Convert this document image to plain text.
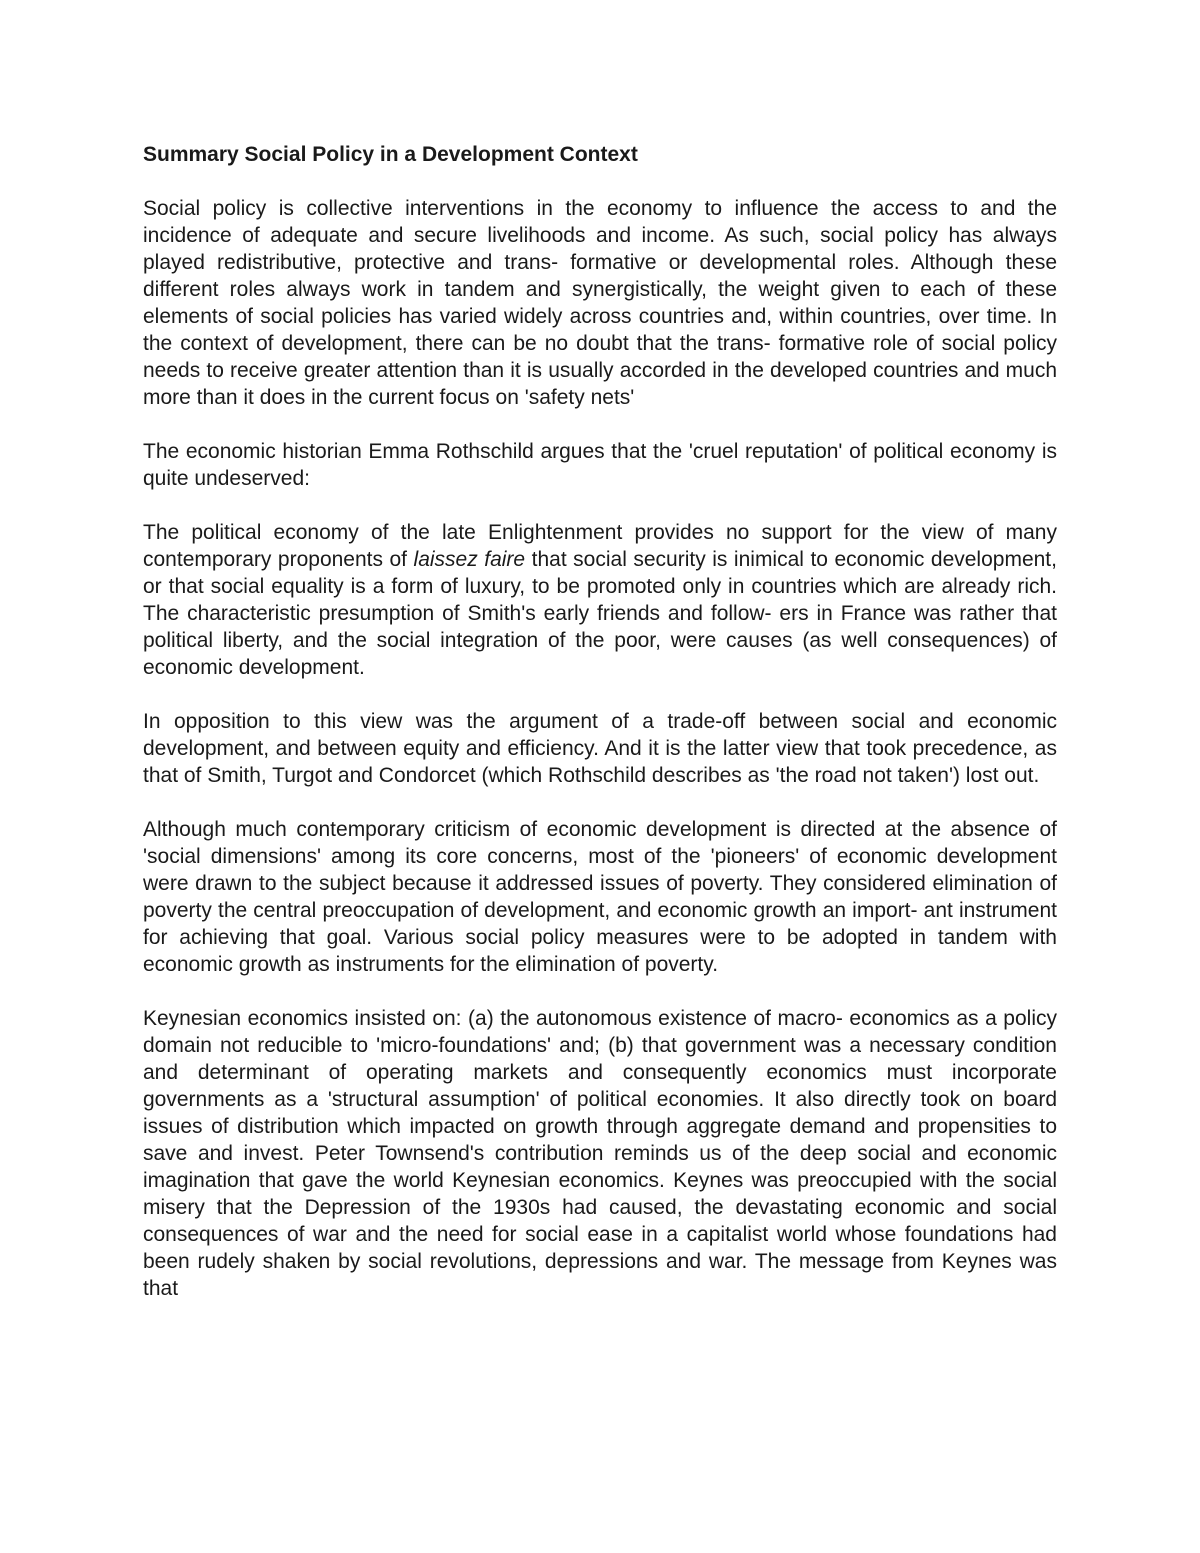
Summary Social Policy in a Development Context

Social policy is collective interventions in the economy to influence the access to and the incidence of adequate and secure livelihoods and income. As such, social policy has always played redistributive, protective and trans- formative or developmental roles. Although these different roles always work in tandem and synergistically, the weight given to each of these elements of social policies has varied widely across countries and, within countries, over time. In the context of development, there can be no doubt that the trans- formative role of social policy needs to receive greater attention than it is usually accorded in the developed countries and much more than it does in the current focus on 'safety nets'

The economic historian Emma Rothschild argues that the 'cruel reputation' of political economy is quite undeserved:

The political economy of the late Enlightenment provides no support for the view of many contemporary proponents of laissez faire that social security is inimical to economic development, or that social equality is a form of luxury, to be promoted only in countries which are already rich. The characteristic presumption of Smith's early friends and follow- ers in France was rather that political liberty, and the social integration of the poor, were causes (as well consequences) of economic development.

In opposition to this view was the argument of a trade-off between social and economic development, and between equity and efficiency. And it is the latter view that took precedence, as that of Smith, Turgot and Condorcet (which Rothschild describes as 'the road not taken') lost out.

Although much contemporary criticism of economic development is directed at the absence of 'social dimensions' among its core concerns, most of the 'pioneers' of economic development were drawn to the subject because it addressed issues of poverty. They considered elimination of poverty the central preoccupation of development, and economic growth an import- ant instrument for achieving that goal. Various social policy measures were to be adopted in tandem with economic growth as instruments for the elimination of poverty.

Keynesian economics insisted on: (a) the autonomous existence of macro- economics as a policy domain not reducible to 'micro-foundations' and; (b) that government was a necessary condition and determinant of operating markets and consequently economics must incorporate governments as a 'structural assumption' of political economies. It also directly took on board issues of distribution which impacted on growth through aggregate demand and propensities to save and invest. Peter Townsend's contribution reminds us of the deep social and economic imagination that gave the world Keynesian economics. Keynes was preoccupied with the social misery that the Depression of the 1930s had caused, the devastating economic and social consequences of war and the need for social ease in a capitalist world whose foundations had been rudely shaken by social revolutions, depressions and war. The message from Keynes was that
